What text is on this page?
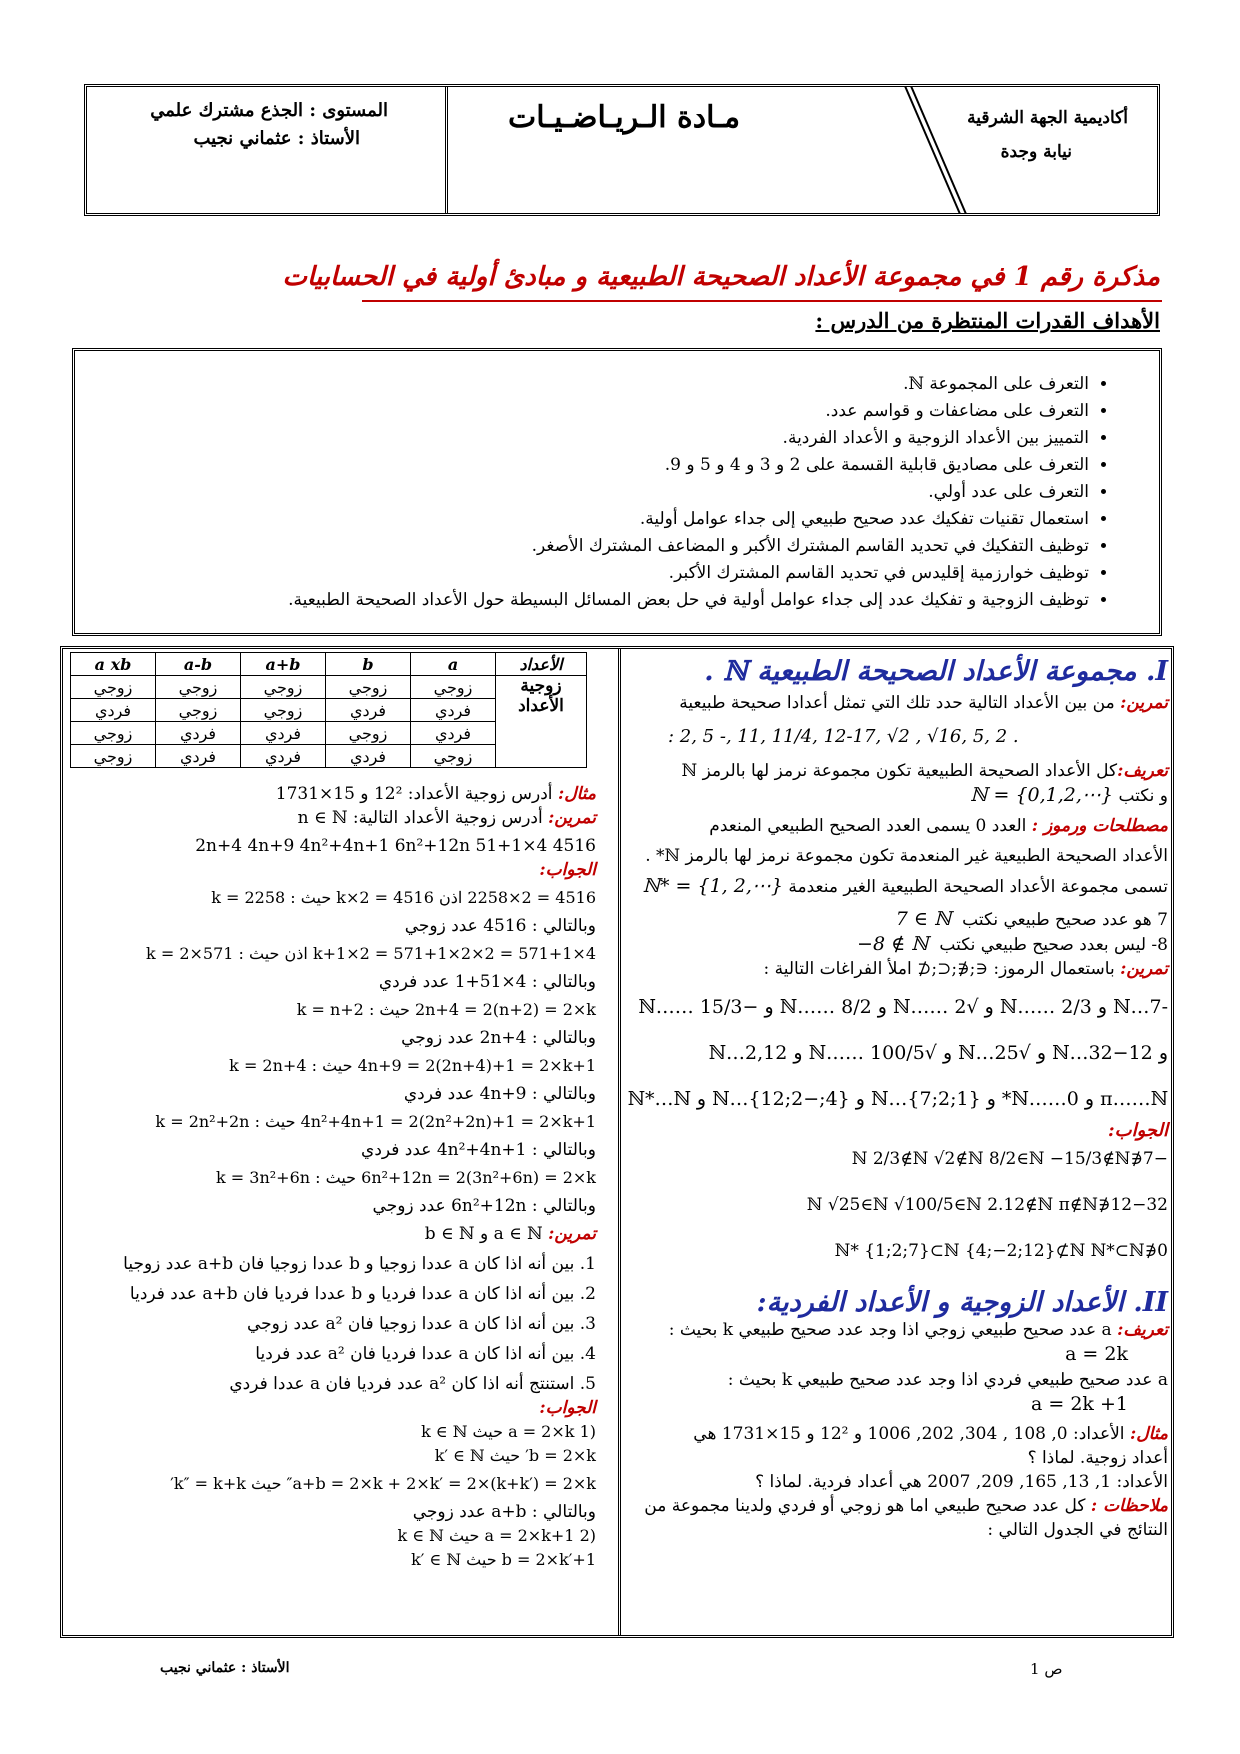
أكاديمية الجهة الشرقية
نيابة وجدة
مـادة الـريـاضـيـات
المستوى : الجذع مشترك علمي
الأستاذ : عثماني نجيب
مذكرة رقم 1 في مجموعة الأعداد الصحيحة الطبيعية و مبادئ أولية في الحسابيات
الأهداف القدرات المنتظرة من الدرس :
• التعرف على المجموعة ℕ.
• التعرف على مضاعفات و قواسم عدد.
• التمييز بين الأعداد الزوجية و الأعداد الفردية.
• التعرف على مصاديق قابلية القسمة على 2 و 3 و 4 و 5 و 9.
• التعرف على عدد أولي.
• استعمال تقنيات تفكيك عدد صحيح طبيعي إلى جداء عوامل أولية.
• توظيف التفكيك في تحديد القاسم المشترك الأكبر و المضاعف المشترك الأصغر.
• توظيف خوارزمية إقليدس في تحديد القاسم المشترك الأكبر.
• توظيف الزوجية و تفكيك عدد إلى جداء عوامل أولية في حل بعض المسائل البسيطة حول الأعداد الصحيحة الطبيعية.
I. مجموعة الأعداد الصحيحة الطبيعية ℕ .
تمرين: من بين الأعداد التالية حدد تلك التي تمثل أعدادا صحيحة طبيعية
: 2, 5 -, 11, 11/4, 12-17, √2 , √16, 5, 2 .
تعريف:كل الأعداد الصحيحة الطبيعية تكون مجموعة نرمز لها بالرمز ℕ
و نكتب ℕ = {0,1,2,⋯}
مصطلحات ورموز : العدد 0 يسمى العدد الصحيح الطبيعي المنعدم
الأعداد الصحيحة الطبيعية غير المنعدمة تكون مجموعة نرمز لها بالرمز ℕ* .
تسمى مجموعة الأعداد الصحيحة الطبيعية الغير منعدمة ℕ* = {1, 2,⋯}
7 هو عدد صحيح طبيعي نكتب  7 ∈ ℕ
8- ليس بعدد صحيح طبيعي نكتب  −8 ∉ ℕ
تمرين: باستعمال الرموز: ∈;∉;⊂;⊄ املأ الفراغات التالية :
-7…ℕ و 2/3 ……ℕ و √2 ……ℕ و 8/2 ……ℕ و −15/3 ……ℕ
و 12−32…ℕ و √25…ℕ و √100/5 ……ℕ و 2,12…ℕ
π……ℕ و 0……ℕ* و {1;2;7}…ℕ و {4;−2;12}…ℕ و ℕ*…ℕ
الجواب:
−7∉ℕ 2/3∉ℕ √2∉ℕ 8/2∈ℕ −15/3∉ℕ
12−32∉ℕ √25∈ℕ √100/5∈ℕ 2.12∉ℕ π∉ℕ
0∉ℕ* {1;2;7}⊂ℕ {4;−2;12}⊄ℕ ℕ*⊂ℕ
II. الأعداد الزوجية و الأعداد الفردية:
تعريف: a عدد صحيح طبيعي زوجي اذا وجد عدد صحيح طبيعي k بحيث :
a = 2k
a عدد صحيح طبيعي فردي اذا وجد عدد صحيح طبيعي k بحيث :
a = 2k +1
مثال: الأعداد: 0, 108 , 304, 202, 1006 و 12² و 15×1731 هي
أعداد زوجية. لماذا ؟
الأعداد: 1, 13, 165, 209, 2007 هي أعداد فردية. لماذا ؟
ملاحظات : كل عدد صحيح طبيعي اما هو زوجي أو فردي ولدينا مجموعة من
النتائج في الجدول التالي :
الأعداد	a	b	a+b	a-b	a xb
زوجية الأعداد	زوجي	زوجي	زوجي	زوجي	زوجي
	فردي	فردي	زوجي	زوجي	فردي
	فردي	زوجي	فردي	فردي	زوجي
	زوجي	فردي	فردي	فردي	زوجي
مثال: أدرس زوجية الأعداد: 12² و 15×1731
تمرين: أدرس زوجية الأعداد التالية: n ∈ ℕ
4516 4×51+1 2n+4 4n+9 4n²+4n+1 6n²+12n
الجواب:
4516 = 2×2258 اذن 4516 = 2×k حيث : k = 2258
وبالتالي : 4516 عدد زوجي
4×571+1 = 2×2×571+1 = 2×k+1 اذن حيث : k = 2×571
وبالتالي : 4×51+1 عدد فردي
2n+4 = 2(n+2) = 2×k حيث : k = n+2
وبالتالي : 2n+4 عدد زوجي
4n+9 = 2(2n+4)+1 = 2×k+1 حيث : k = 2n+4
وبالتالي : 4n+9 عدد فردي
4n²+4n+1 = 2(2n²+2n)+1 = 2×k+1 حيث : k = 2n²+2n
وبالتالي : 4n²+4n+1 عدد فردي
6n²+12n = 2(3n²+6n) = 2×k حيث : k = 3n²+6n
وبالتالي : 6n²+12n عدد زوجي
تمرين: a ∈ ℕ و b ∈ ℕ
1. بين أنه اذا كان a عددا زوجيا و b عددا زوجيا فان a+b عدد زوجيا
2. بين أنه اذا كان a عددا فرديا و b عددا فرديا فان a+b عدد فرديا
3. بين أنه اذا كان a عددا زوجيا فان a² عدد زوجي
4. بين أنه اذا كان a عددا فرديا فان a² عدد فرديا
5. استنتج أنه اذا كان a² عدد فرديا فان a عددا فردي
الجواب:
(1 a = 2×k حيث k ∈ ℕ
b = 2×k′ حيث k′ ∈ ℕ
a+b = 2×k + 2×k′ = 2×(k+k′) = 2×k″ حيث k″ = k+k′
وبالتالي : a+b عدد زوجي
(2 a = 2×k+1 حيث k ∈ ℕ
b = 2×k′+1 حيث k′ ∈ ℕ
الأستاذ : عثماني نجيب	ص 1
